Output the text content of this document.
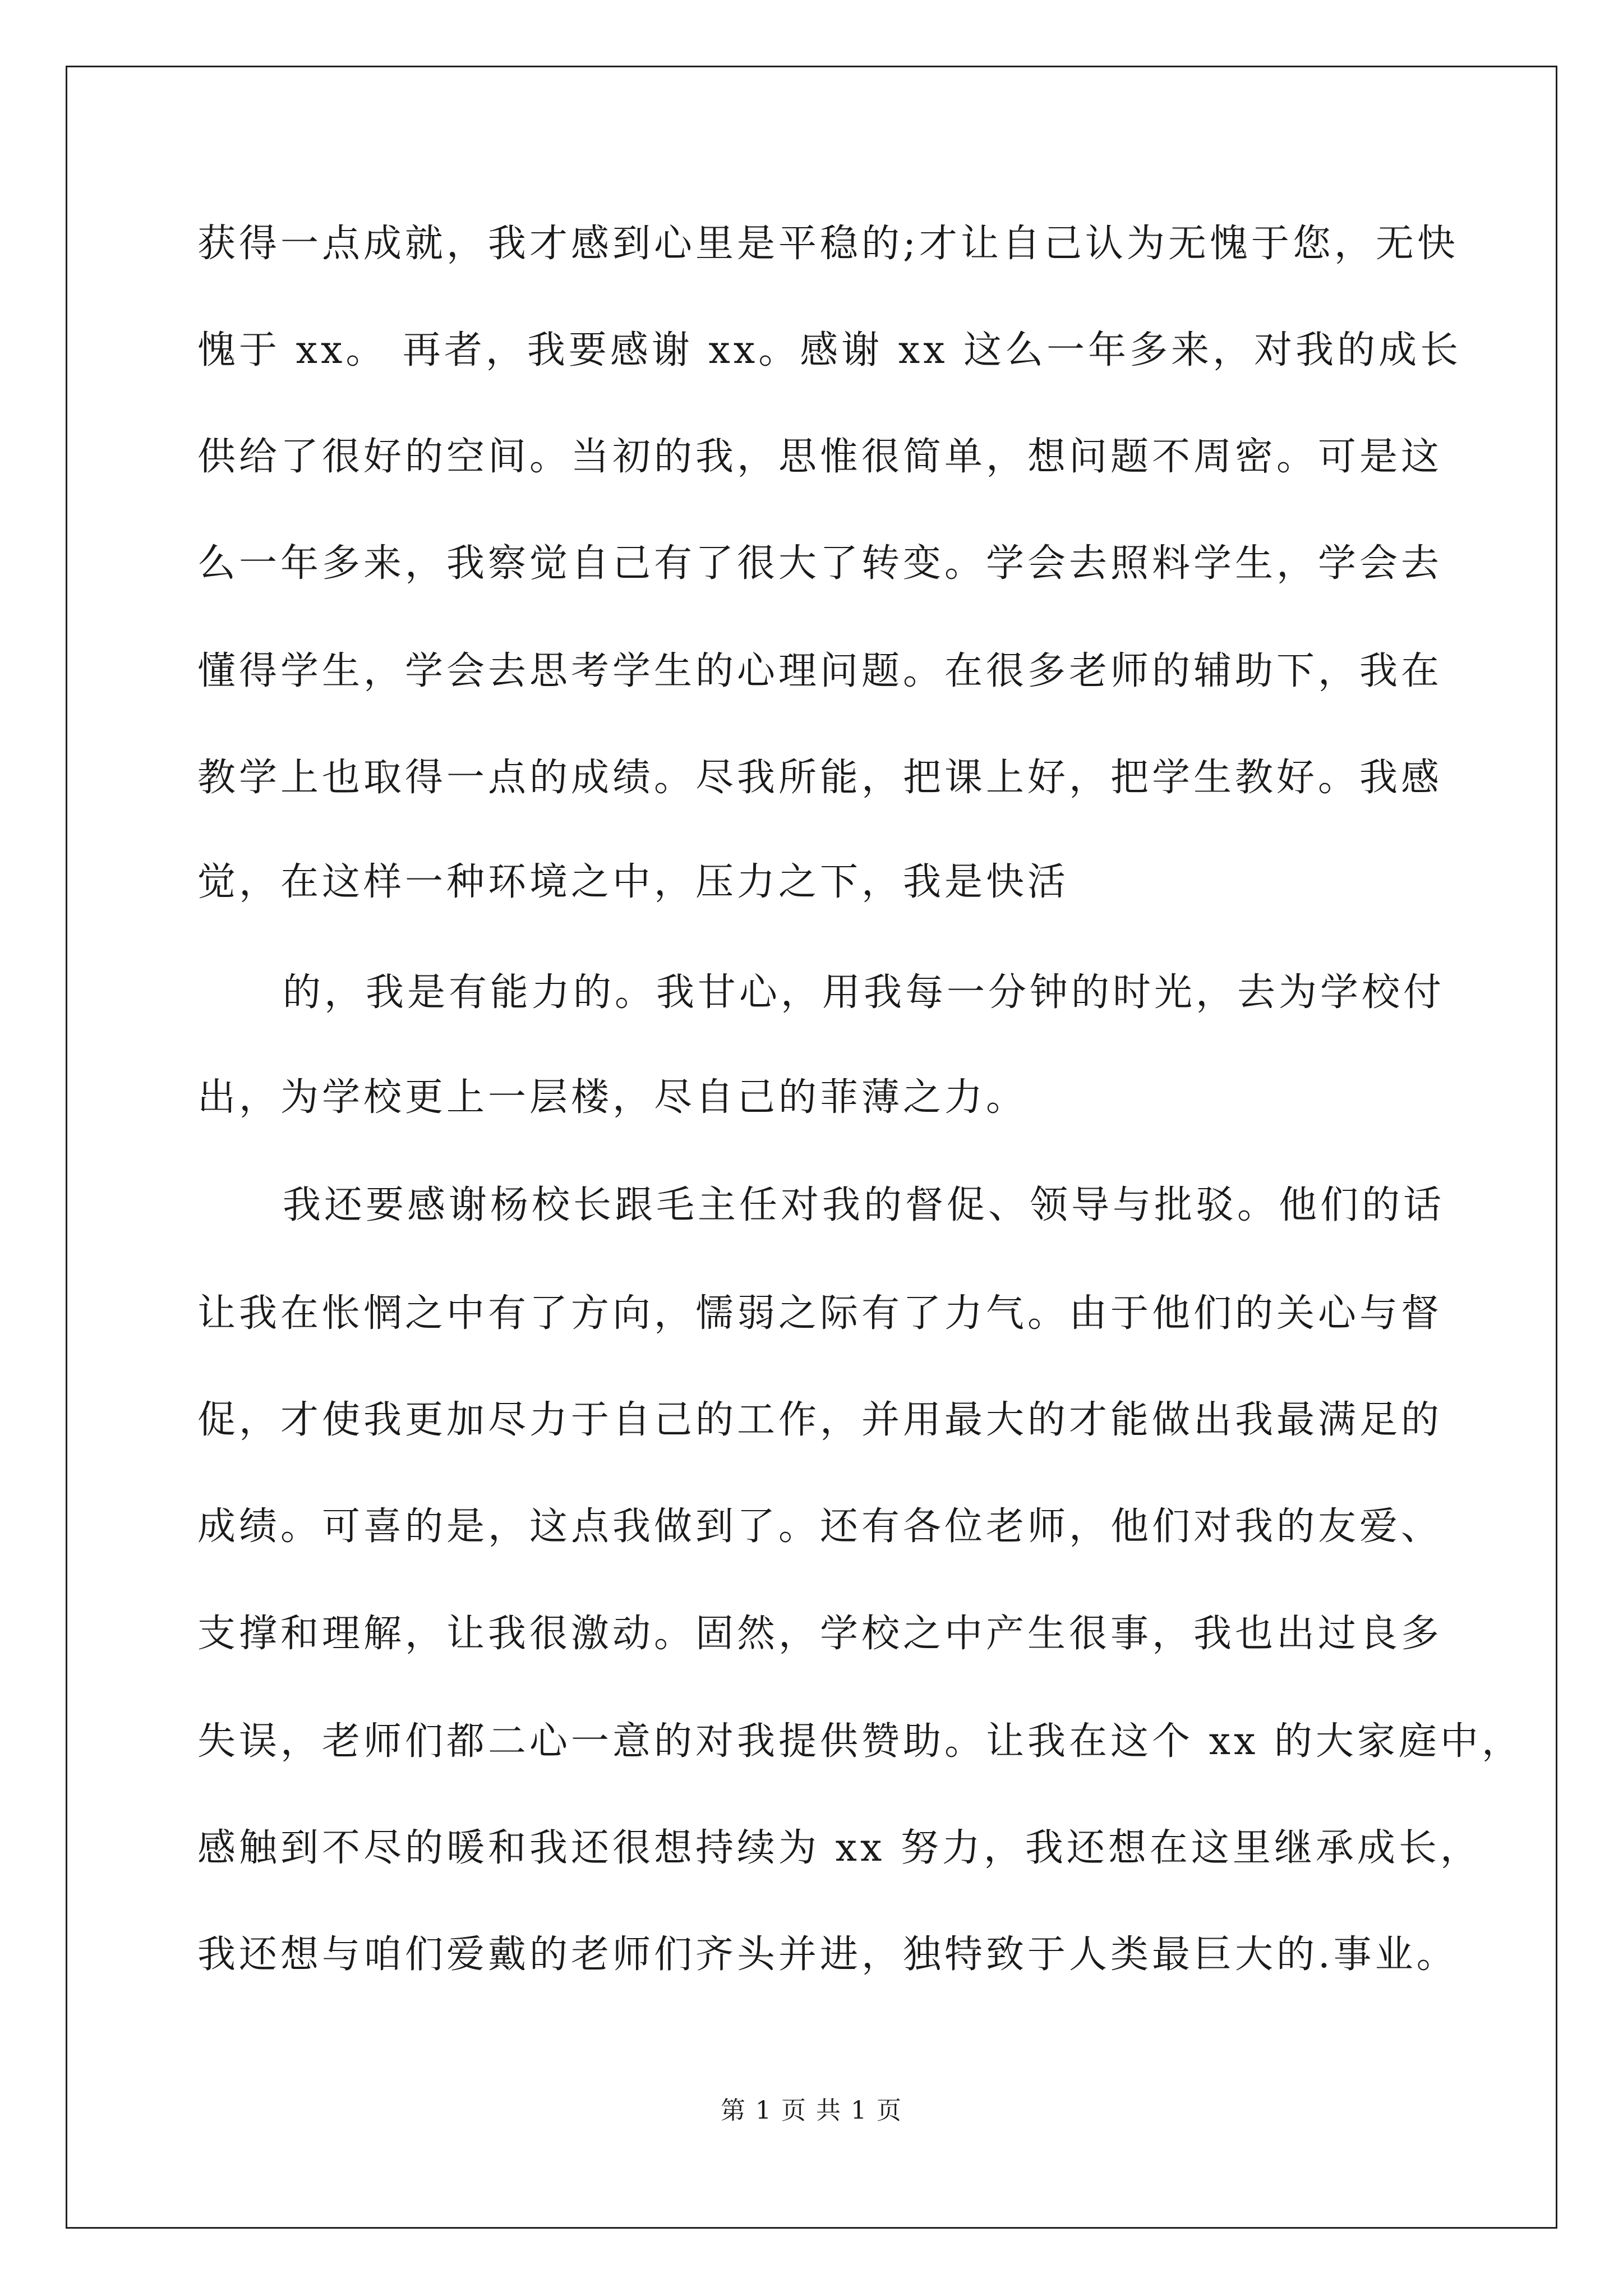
获得一点成就，我才感到心里是平稳的;才让自己认为无愧于您，无快
愧于 xx。 再者，我要感谢 xx。感谢 xx 这么一年多来，对我的成长
供给了很好的空间。当初的我，思惟很简单，想问题不周密。可是这
么一年多来，我察觉自己有了很大了转变。学会去照料学生，学会去
懂得学生，学会去思考学生的心理问题。在很多老师的辅助下，我在
教学上也取得一点的成绩。尽我所能，把课上好，把学生教好。我感
觉，在这样一种环境之中，压力之下，我是快活
的，我是有能力的。我甘心，用我每一分钟的时光，去为学校付
出，为学校更上一层楼，尽自己的菲薄之力。
我还要感谢杨校长跟毛主任对我的督促、领导与批驳。他们的话
让我在怅惘之中有了方向，懦弱之际有了力气。由于他们的关心与督
促，才使我更加尽力于自己的工作，并用最大的才能做出我最满足的
成绩。可喜的是，这点我做到了。还有各位老师，他们对我的友爱、
支撑和理解，让我很激动。固然，学校之中产生很事，我也出过良多
失误，老师们都二心一意的对我提供赞助。让我在这个 xx 的大家庭中，
感触到不尽的暖和我还很想持续为 xx 努力，我还想在这里继承成长，
我还想与咱们爱戴的老师们齐头并进，独特致于人类最巨大的.事业。
第 1 页 共 1 页
